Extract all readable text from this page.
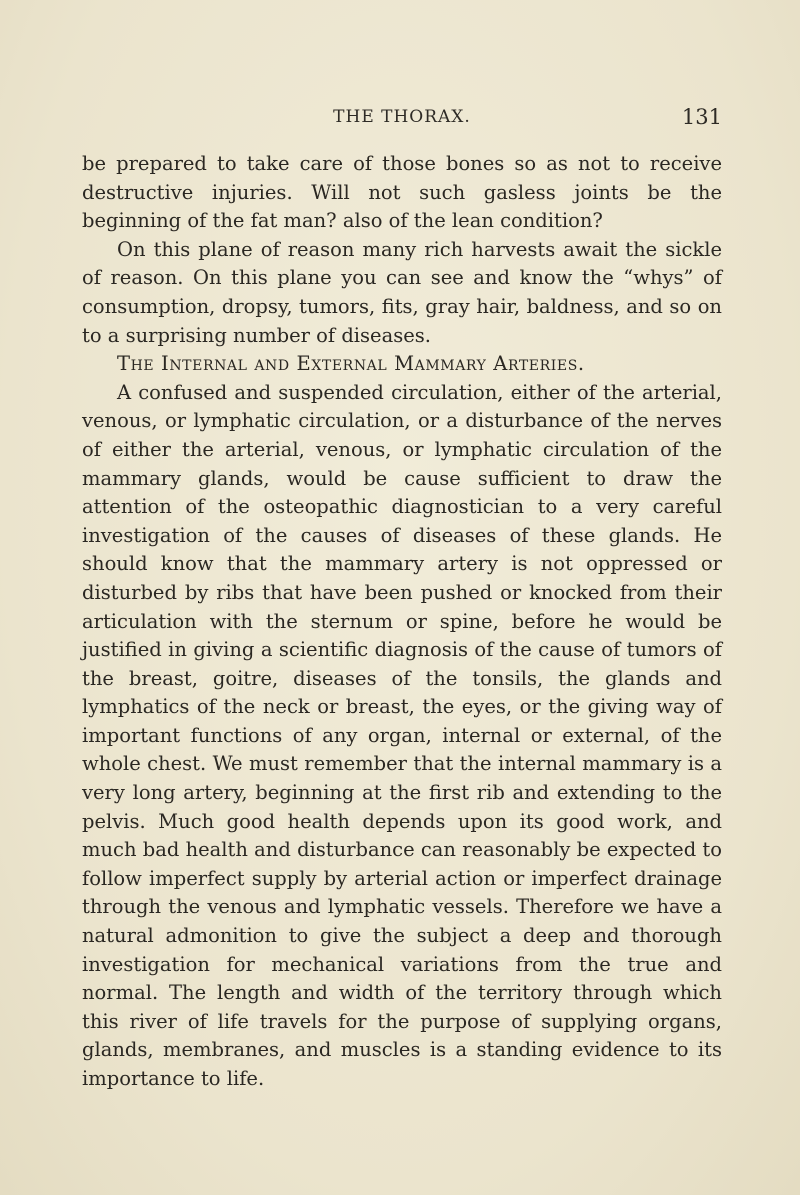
THE THORAX.	131

be prepared to take care of those bones so as not to receive destructive injuries. Will not such gasless joints be the beginning of the fat man? also of the lean condition?

On this plane of reason many rich harvests await the sickle of reason. On this plane you can see and know the “whys” of consumption, dropsy, tumors, fits, gray hair, baldness, and so on to a surprising number of diseases.

The Internal and External Mammary Arteries.

A confused and suspended circulation, either of the arterial, venous, or lymphatic circulation, or a disturbance of the nerves of either the arterial, venous, or lymphatic circulation of the mammary glands, would be cause sufficient to draw the attention of the osteopathic diagnostician to a very careful investigation of the causes of diseases of these glands. He should know that the mammary artery is not oppressed or disturbed by ribs that have been pushed or knocked from their articulation with the sternum or spine, before he would be justified in giving a scientific diagnosis of the cause of tumors of the breast, goitre, diseases of the tonsils, the glands and lymphatics of the neck or breast, the eyes, or the giving way of important functions of any organ, internal or external, of the whole chest. We must remember that the internal mammary is a very long artery, beginning at the first rib and extending to the pelvis. Much good health depends upon its good work, and much bad health and disturbance can reasonably be expected to follow imperfect supply by arterial action or imperfect drainage through the venous and lymphatic vessels. Therefore we have a natural admonition to give the subject a deep and thorough investigation for mechanical variations from the true and normal. The length and width of the territory through which this river of life travels for the purpose of supplying organs, glands, membranes, and muscles is a standing evidence to its importance to life.
